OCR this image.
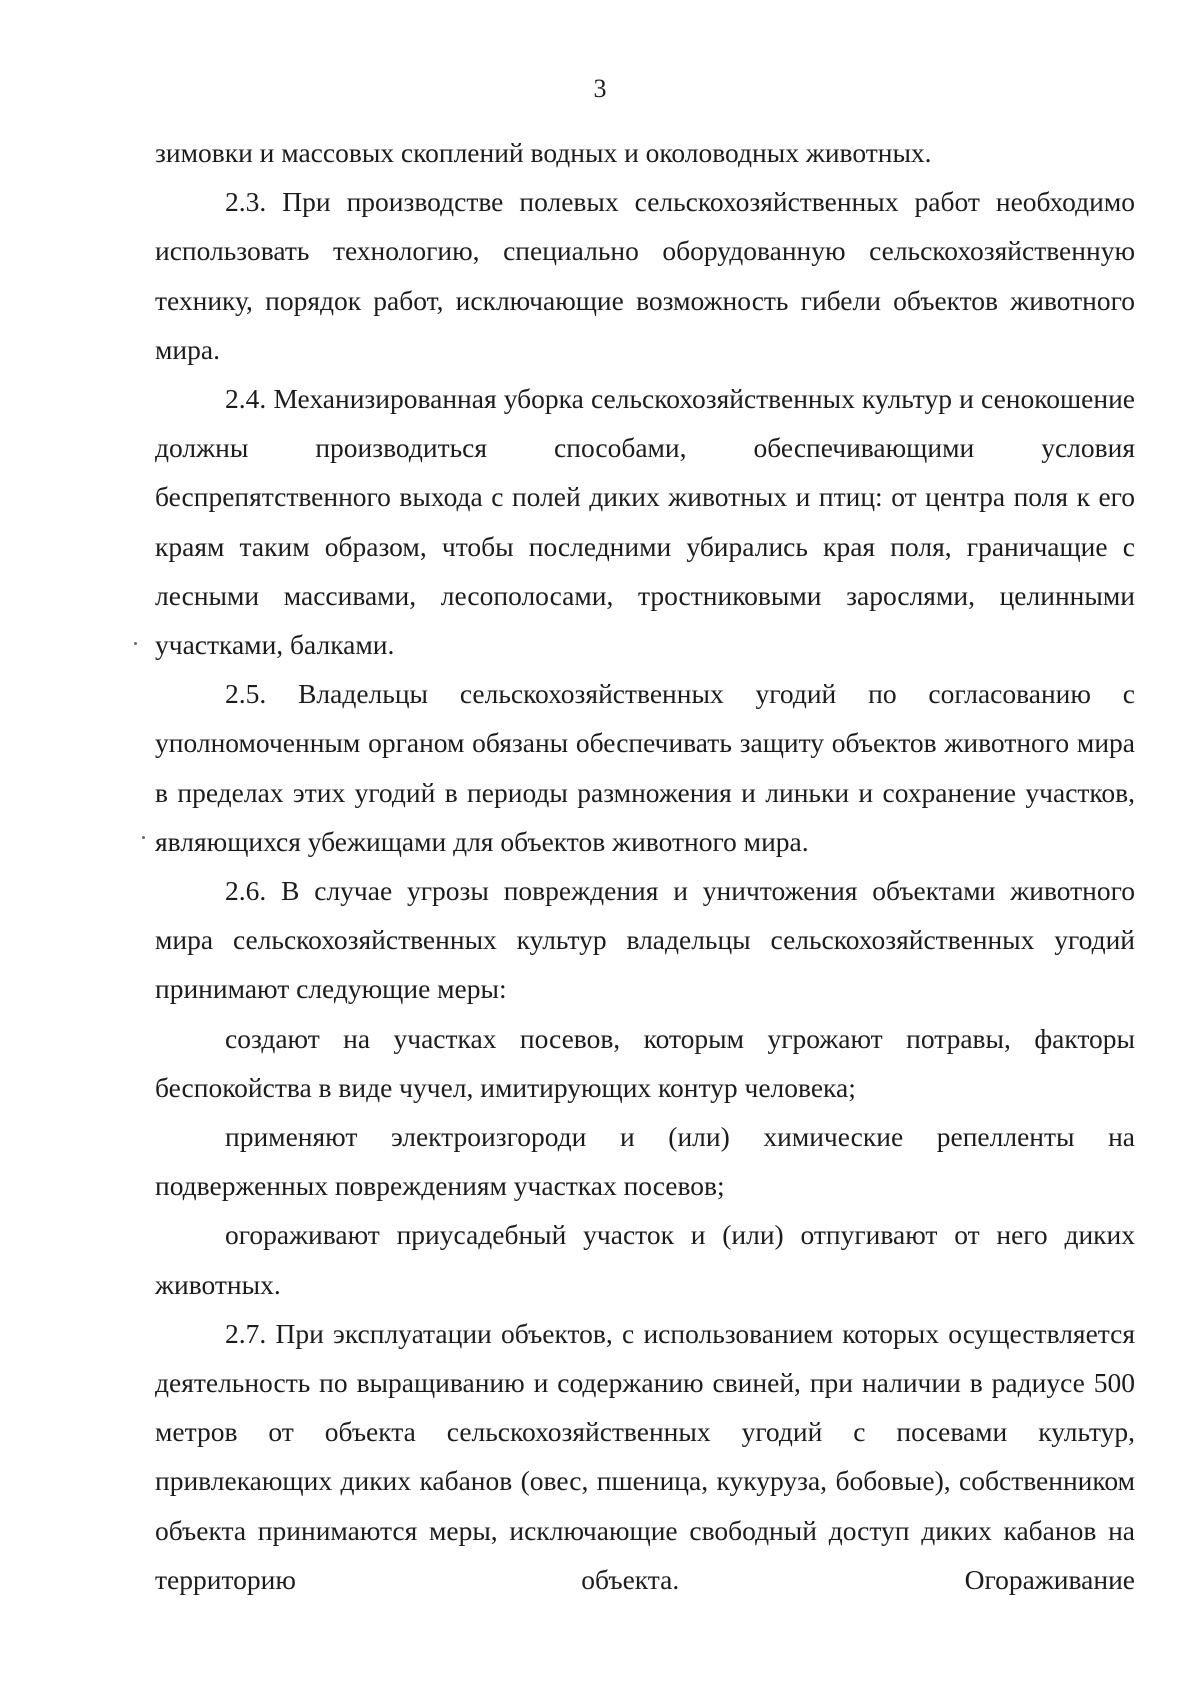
3

зимовки и массовых скоплений водных и околоводных животных.

2.3. При производстве полевых сельскохозяйственных работ необходимо использовать технологию, специально оборудованную сельскохозяйственную технику, порядок работ, исключающие возможность гибели объектов животного мира.

2.4. Механизированная уборка сельскохозяйственных культур и сенокошение должны производиться способами, обеспечивающими условия беспрепятственного выхода с полей диких животных и птиц: от центра поля к его краям таким образом, чтобы последними убирались края поля, граничащие с лесными массивами, лесополосами, тростниковыми зарослями, целинными участками, балками.

2.5. Владельцы сельскохозяйственных угодий по согласованию с уполномоченным органом обязаны обеспечивать защиту объектов животного мира в пределах этих угодий в периоды размножения и линьки и сохранение участков, являющихся убежищами для объектов животного мира.

2.6. В случае угрозы повреждения и уничтожения объектами животного мира сельскохозяйственных культур владельцы сельскохозяйственных угодий принимают следующие меры:

создают на участках посевов, которым угрожают потравы, факторы беспокойства в виде чучел, имитирующих контур человека;

применяют электроизгороди и (или) химические репелленты на подверженных повреждениям участках посевов;

огораживают приусадебный участок и (или) отпугивают от него диких животных.

2.7. При эксплуатации объектов, с использованием которых осуществляется деятельность по выращиванию и содержанию свиней, при наличии в радиусе 500 метров от объекта сельскохозяйственных угодий с посевами культур, привлекающих диких кабанов (овес, пшеница, кукуруза, бобовые), собственником объекта принимаются меры, исключающие свободный доступ диких кабанов на территорию объекта. Огораживание
